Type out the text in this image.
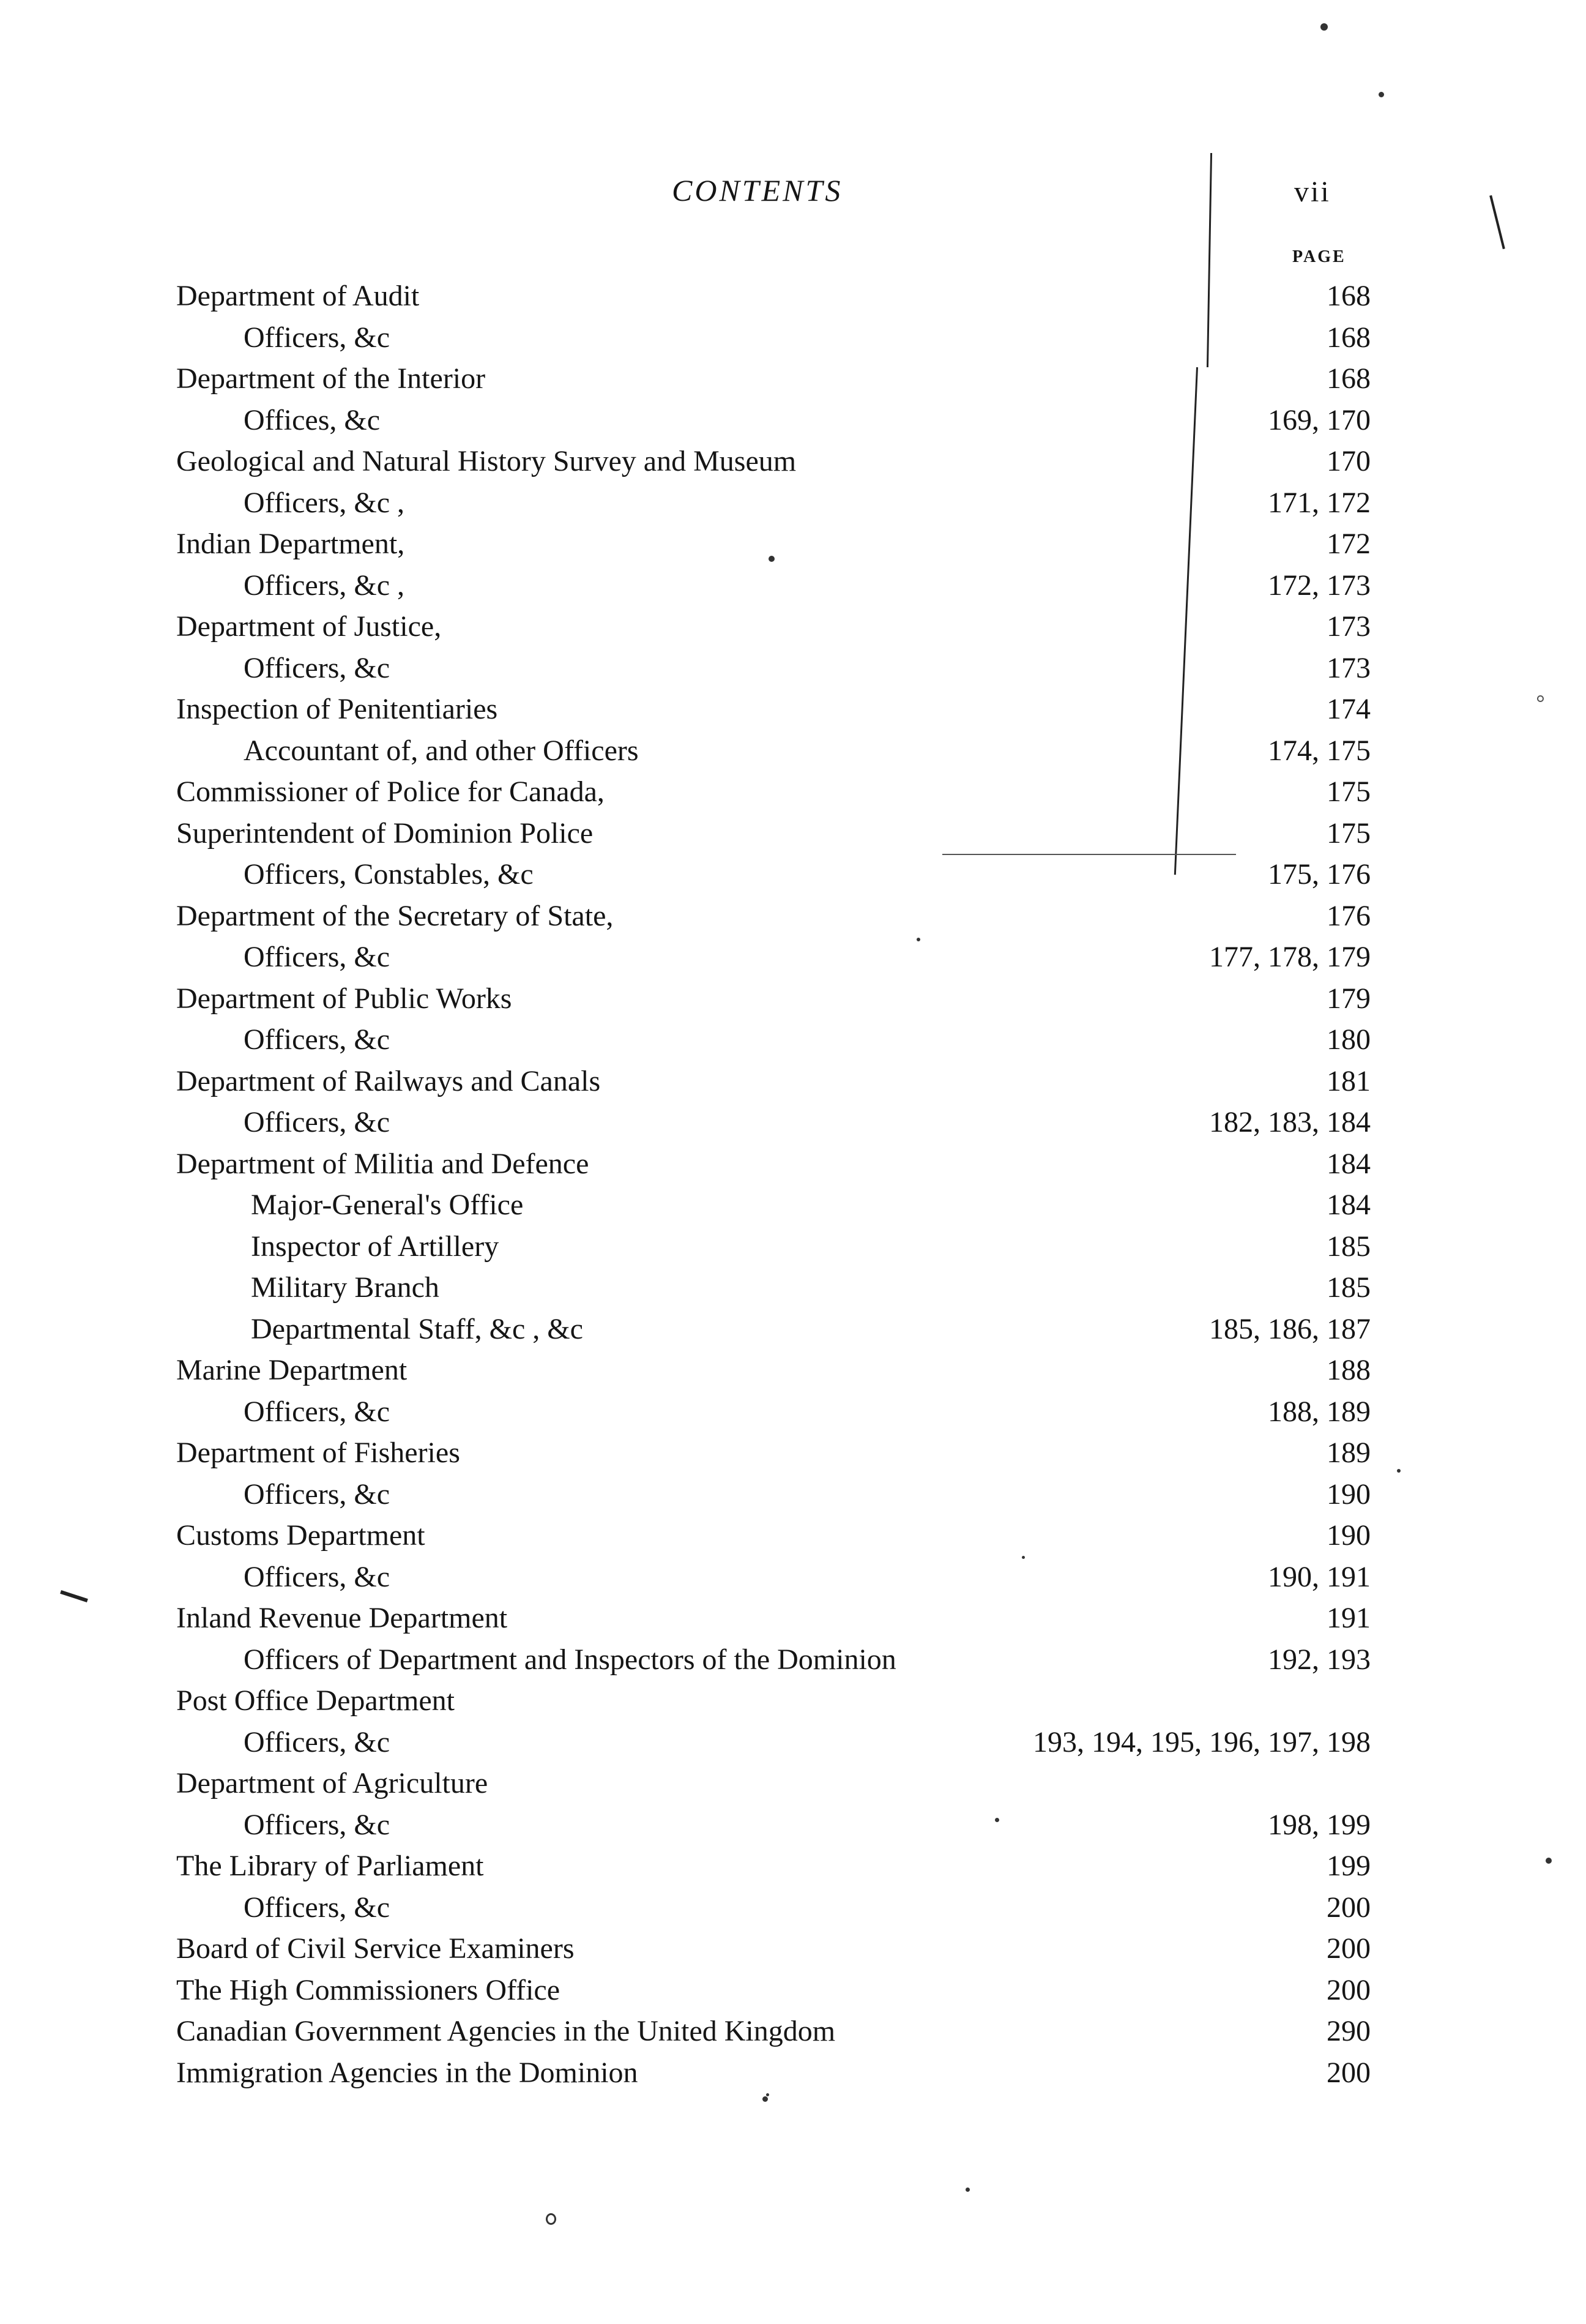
CONTENTS	vii
PAGE
Department of Audit	168
Officers, &c	168
Department of the Interior	168
Offices, &c	169, 170
Geological and Natural History Survey and Museum	170
Officers, &c ,	171, 172
Indian Department,	172
Officers, &c ,	172, 173
Department of Justice,	173
Officers, &c	173
Inspection of Penitentiaries	174
Accountant of, and other Officers	174, 175
Commissioner of Police for Canada,	175
Superintendent of Dominion Police	175
Officers, Constables, &c	175, 176
Department of the Secretary of State,	176
Officers, &c	177, 178, 179
Department of Public Works	179
Officers, &c	180
Department of Railways and Canals	181
Officers, &c	182, 183, 184
Department of Militia and Defence	184
Major-General's Office	184
Inspector of Artillery	185
Military Branch	185
Departmental Staff, &c , &c	185, 186, 187
Marine Department	188
Officers, &c	188, 189
Department of Fisheries	189
Officers, &c	190
Customs Department	190
Officers, &c	190, 191
Inland Revenue Department	191
Officers of Department and Inspectors of the Dominion	192, 193
Post Office Department
Officers, &c	193, 194, 195, 196, 197, 198
Department of Agriculture
Officers, &c	198, 199
The Library of Parliament	199
Officers, &c	200
Board of Civil Service Examiners	200
The High Commissioners Office	200
Canadian Government Agencies in the United Kingdom	290
Immigration Agencies in the Dominion	200
